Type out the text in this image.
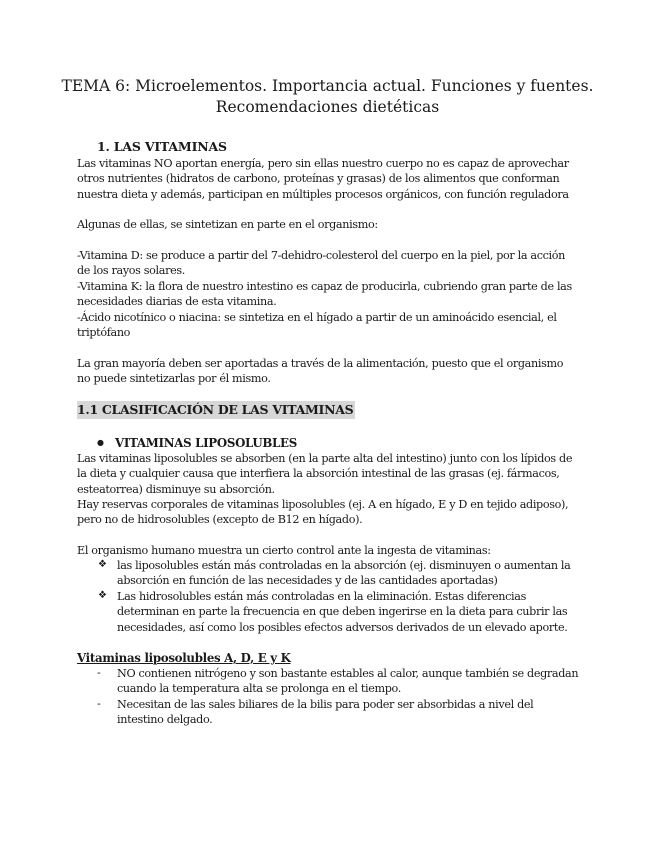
TEMA 6: Microelementos. Importancia actual. Funciones y fuentes.
Recomendaciones dietéticas
1. LAS VITAMINAS

Las vitaminas NO aportan energía, pero sin ellas nuestro cuerpo no es capaz de aprovechar otros nutrientes (hidratos de carbono, proteínas y grasas) de los alimentos que conforman nuestra dieta y además, participan en múltiples procesos orgánicos, con función reguladora

Algunas de ellas, se sintetizan en parte en el organismo:

-Vitamina D: se produce a partir del 7-dehidro-colesterol del cuerpo en la piel, por la acción de los rayos solares.

-Vitamina K: la flora de nuestro intestino es capaz de producirla, cubriendo gran parte de las necesidades diarias de esta vitamina.

-Ácido nicotínico o niacina: se sintetiza en el hígado a partir de un aminoácido esencial, el triptófano

La gran mayoría deben ser aportadas a través de la alimentación, puesto que el organismo no puede sintetizarlas por él mismo.

1.1 CLASIFICACIÓN DE LAS VITAMINAS
● VITAMINAS LIPOSOLUBLES

Las vitaminas liposolubles se absorben (en la parte alta del intestino) junto con los lípidos de la dieta y cualquier causa que interfiera la absorción intestinal de las grasas (ej. fármacos, esteatorrea) disminuye su absorción.

Hay reservas corporales de vitaminas liposolubles (ej. A en hígado, E y D en tejido adiposo), pero no de hidrosolubles (excepto de B12 en hígado).

El organismo humano muestra un cierto control ante la ingesta de vitaminas:

❖ las liposolubles están más controladas en la absorción (ej. disminuyen o aumentan la absorción en función de las necesidades y de las cantidades aportadas)

❖ Las hidrosolubles están más controladas en la eliminación. Estas diferencias determinan en parte la frecuencia en que deben ingerirse en la dieta para cubrir las necesidades, así como los posibles efectos adversos derivados de un elevado aporte.

Vitaminas liposolubles A, D, E y K
- NO contienen nitrógeno y son bastante estables al calor, aunque también se degradan cuando la temperatura alta se prolonga en el tiempo.

- Necesitan de las sales biliares de la bilis para poder ser absorbidas a nivel del intestino delgado.
